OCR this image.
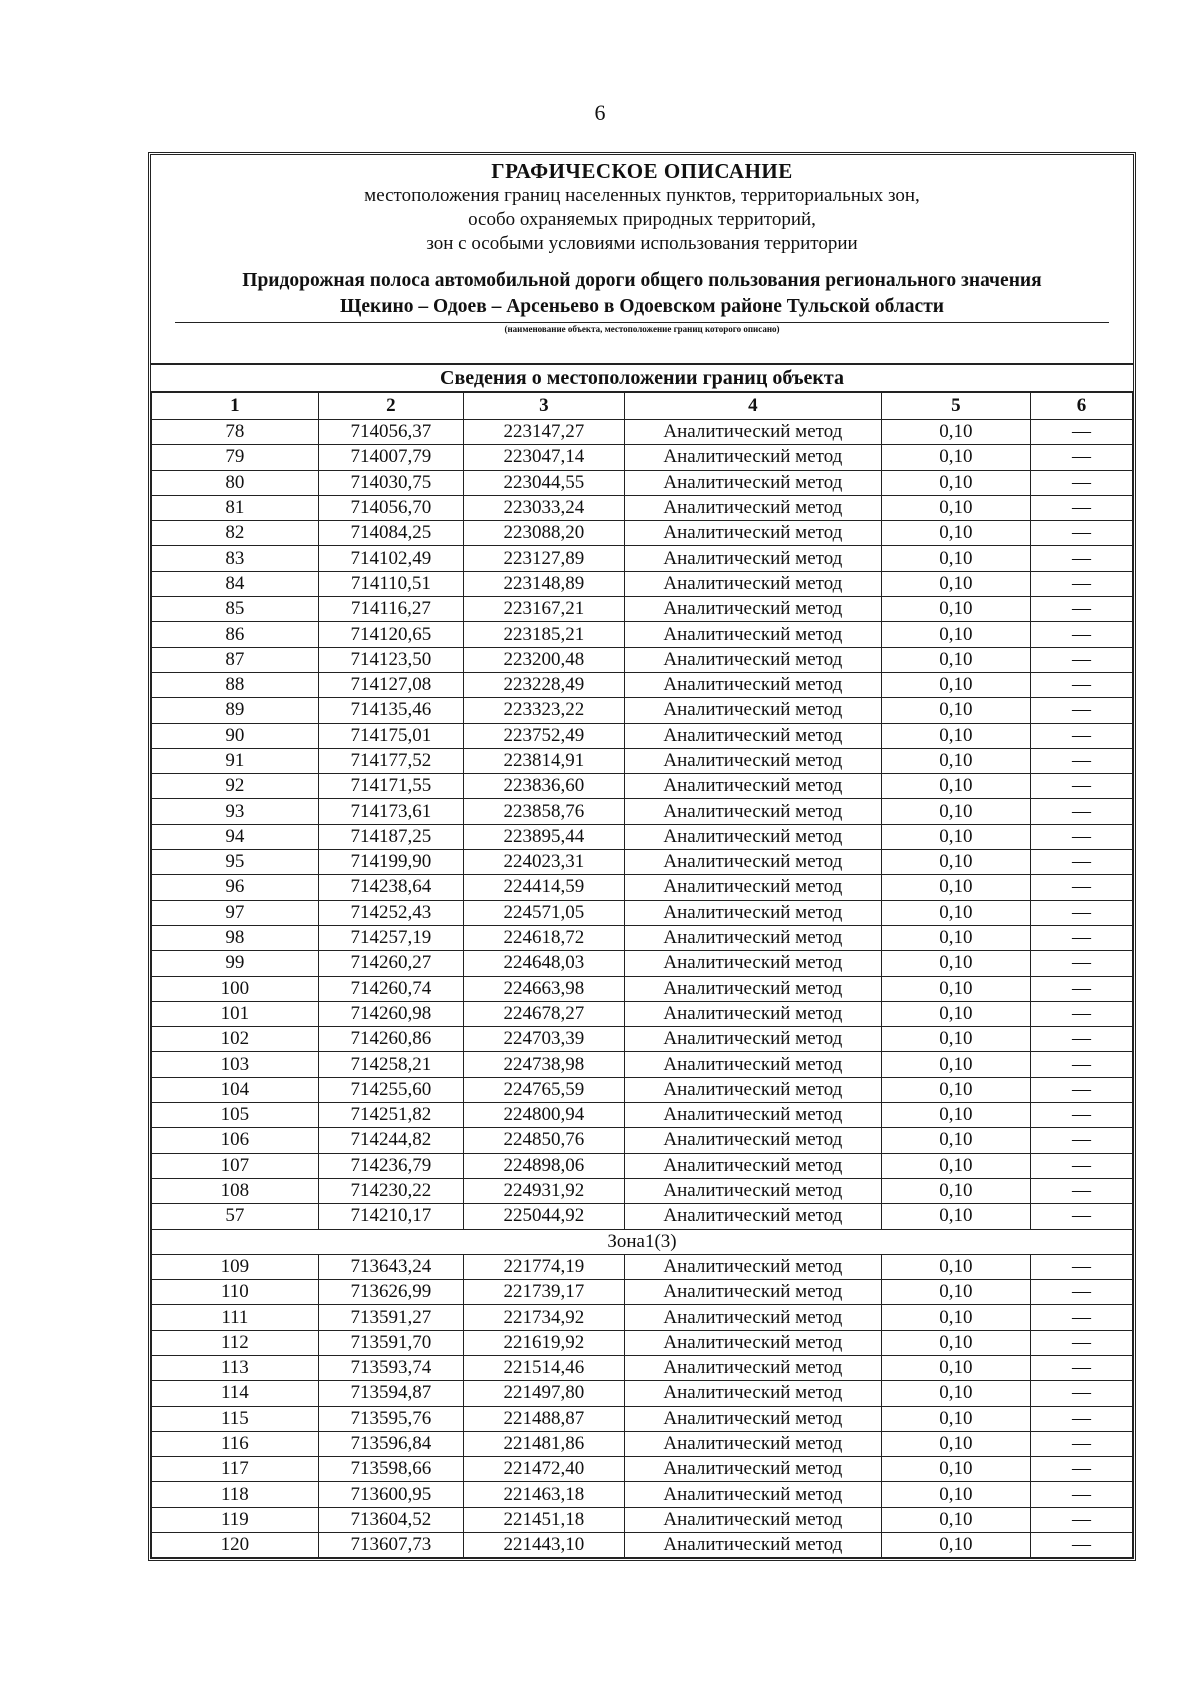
6
ГРАФИЧЕСКОЕ ОПИСАНИЕ
местоположения границ населенных пунктов, территориальных зон,
особо охраняемых природных территорий,
зон с особыми условиями использования территории
Придорожная полоса автомобильной дороги общего пользования регионального значения
Щекино – Одоев – Арсеньево в Одоевском районе Тульской области
(наименование объекта, местоположение границ которого описано)
Сведения о местоположении границ объекта
1	2	3	4	5	6
78	714056,37	223147,27	Аналитический метод	0,10	—
79	714007,79	223047,14	Аналитический метод	0,10	—
80	714030,75	223044,55	Аналитический метод	0,10	—
81	714056,70	223033,24	Аналитический метод	0,10	—
82	714084,25	223088,20	Аналитический метод	0,10	—
83	714102,49	223127,89	Аналитический метод	0,10	—
84	714110,51	223148,89	Аналитический метод	0,10	—
85	714116,27	223167,21	Аналитический метод	0,10	—
86	714120,65	223185,21	Аналитический метод	0,10	—
87	714123,50	223200,48	Аналитический метод	0,10	—
88	714127,08	223228,49	Аналитический метод	0,10	—
89	714135,46	223323,22	Аналитический метод	0,10	—
90	714175,01	223752,49	Аналитический метод	0,10	—
91	714177,52	223814,91	Аналитический метод	0,10	—
92	714171,55	223836,60	Аналитический метод	0,10	—
93	714173,61	223858,76	Аналитический метод	0,10	—
94	714187,25	223895,44	Аналитический метод	0,10	—
95	714199,90	224023,31	Аналитический метод	0,10	—
96	714238,64	224414,59	Аналитический метод	0,10	—
97	714252,43	224571,05	Аналитический метод	0,10	—
98	714257,19	224618,72	Аналитический метод	0,10	—
99	714260,27	224648,03	Аналитический метод	0,10	—
100	714260,74	224663,98	Аналитический метод	0,10	—
101	714260,98	224678,27	Аналитический метод	0,10	—
102	714260,86	224703,39	Аналитический метод	0,10	—
103	714258,21	224738,98	Аналитический метод	0,10	—
104	714255,60	224765,59	Аналитический метод	0,10	—
105	714251,82	224800,94	Аналитический метод	0,10	—
106	714244,82	224850,76	Аналитический метод	0,10	—
107	714236,79	224898,06	Аналитический метод	0,10	—
108	714230,22	224931,92	Аналитический метод	0,10	—
57	714210,17	225044,92	Аналитический метод	0,10	—
Зона1(3)					
109	713643,24	221774,19	Аналитический метод	0,10	—
110	713626,99	221739,17	Аналитический метод	0,10	—
111	713591,27	221734,92	Аналитический метод	0,10	—
112	713591,70	221619,92	Аналитический метод	0,10	—
113	713593,74	221514,46	Аналитический метод	0,10	—
114	713594,87	221497,80	Аналитический метод	0,10	—
115	713595,76	221488,87	Аналитический метод	0,10	—
116	713596,84	221481,86	Аналитический метод	0,10	—
117	713598,66	221472,40	Аналитический метод	0,10	—
118	713600,95	221463,18	Аналитический метод	0,10	—
119	713604,52	221451,18	Аналитический метод	0,10	—
120	713607,73	221443,10	Аналитический метод	0,10	—
